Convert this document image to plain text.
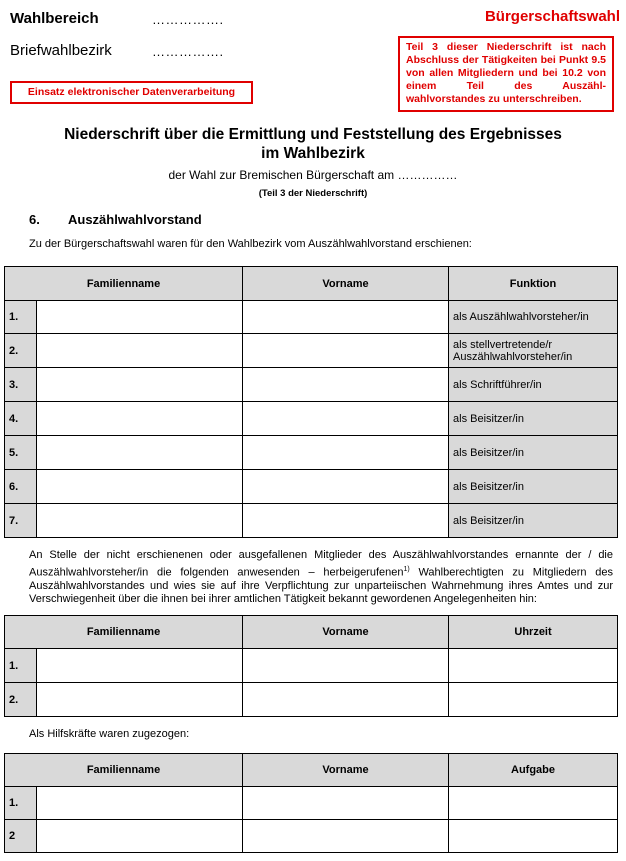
Wahlbereich	…………….
Briefwahlbezirk	…………….
Bürgerschaftswahl
Teil 3 dieser Niederschrift ist nach Abschluss der Tätigkeiten bei Punkt 9.5 von allen Mitgliedern und bei 10.2 von einem Teil des Auszähl- wahlvorstandes zu unterschreiben.
Einsatz elektronischer Datenverarbeitung
Niederschrift über die Ermittlung und Feststellung des Ergebnisses
im Wahlbezirk
der Wahl zur Bremischen Bürgerschaft am ……………
(Teil 3 der Niederschrift)
6. Auszählwahlvorstand
Zu der Bürgerschaftswahl waren für den Wahlbezirk vom Auszählwahlvorstand erschienen:
Familienname		Vorname	Funktion
1.			als Auszählwahlvorsteher/in
2.			als stellvertretende/r Auszählwahlvorsteher/in
3.			als Schriftführer/in
4.			als Beisitzer/in
5.			als Beisitzer/in
6.			als Beisitzer/in
7.			als Beisitzer/in
An Stelle der nicht erschienenen oder ausgefallenen Mitglieder des Auszählwahlvorstandes ernannte der / die Auszählwahlvorsteher/in die folgenden anwesenden – herbeigerufenen$^{1)}$ Wahlberechtigten zu Mitgliedern des Auszählwahlvorstandes und wies sie auf ihre Verpflichtung zur unparteiischen Wahrnehmung ihres Amtes und zur Verschwiegenheit über die ihnen bei ihrer amtlichen Tätigkeit bekannt gewordenen Angelegenheiten hin:
Familienname		Vorname	Uhrzeit
1.			
2.			
Als Hilfskräfte waren zugezogen:
Familienname		Vorname	Aufgabe
1.			
2			
